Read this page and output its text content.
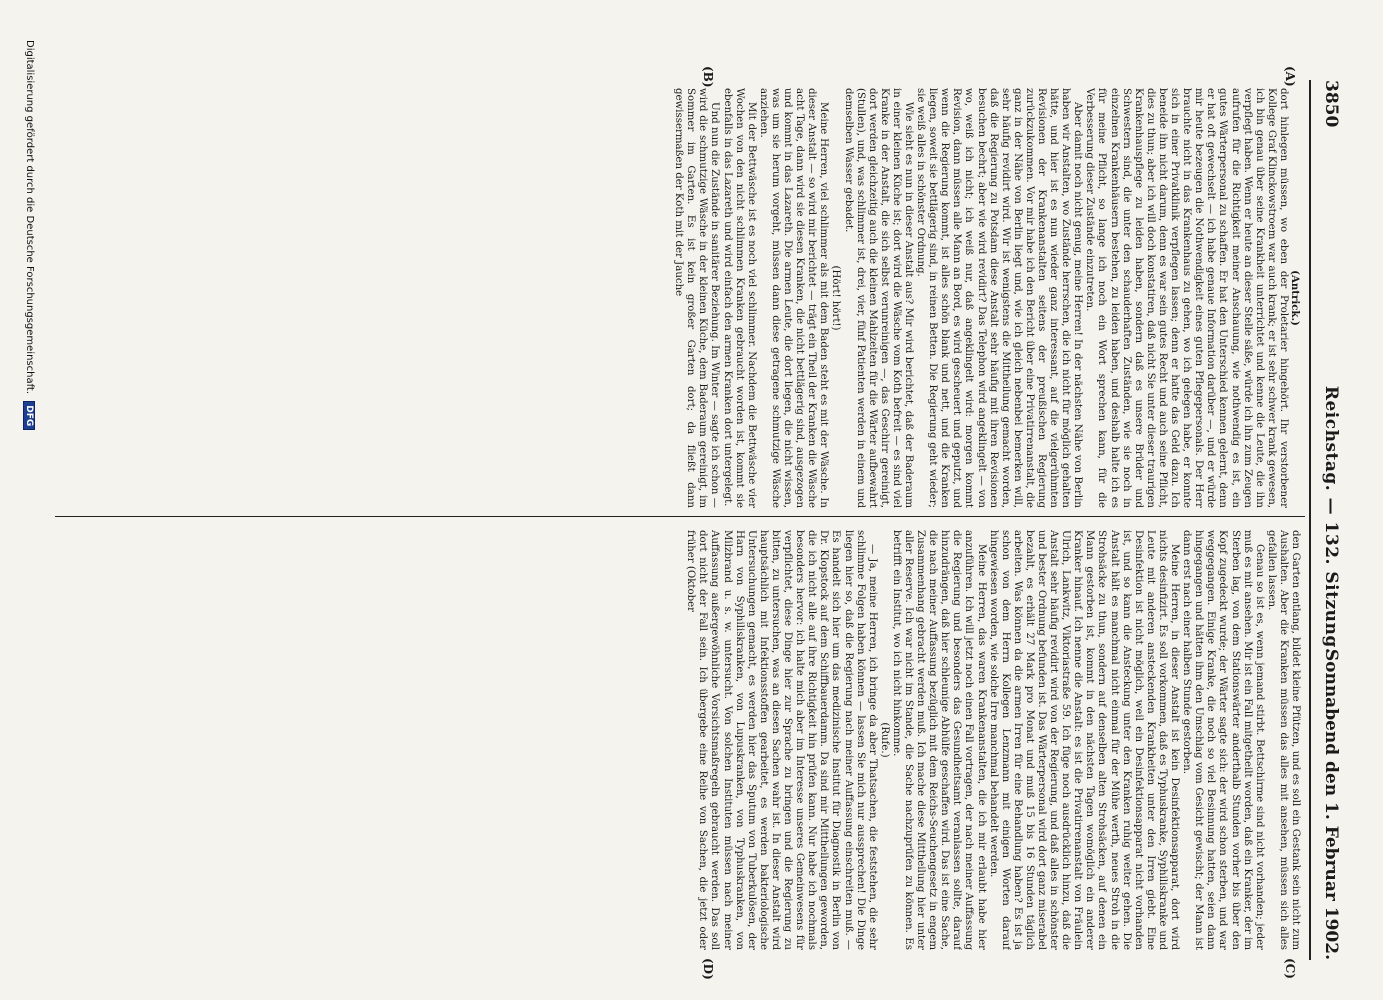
3850
Reichstag. — 132. Sitzung.
Sonnabend den 1. Februar 1902.
(A)
(B)
(C)
(D)

(Antrick.)

dort hinlegen müssen, wo eben der Proletarier hingehört. Ihr verstorbener Kollege Graf Klinckowstroem war auch krank; er ist sehr schwer krank gewesen, ich bin genau über seine Krankheit unterrichtet und kenne die Leute, die ihn verpflegt haben. Wenn er heute an dieser Stelle säße, würde ich ihn zum Zeugen aufrufen für die Richtigkeit meiner Anschauung, wie nothwendig es ist, ein gutes Wärterpersonal zu schaffen. Er hat den Unterschied kennen gelernt, denn er hat oft gewechselt — ich habe genaue Information darüber —, und er würde mir heute bezeugen die Nothwendigkeit eines guten Pflegepersonals. Der Herr brauchte nicht in das Krankenhaus zu gehen, wo ich gelegen habe, er konnte sich in einer Privatklinik verpflegen lassen; denn er hatte das Geld dazu. Ich beneide ihn nicht darum, denn es war sein gutes Recht und auch seine Pflicht, dies zu thun; aber ich will doch konstatiren, daß nicht Sie unter dieser traurigen Krankenhauspflege zu leiden haben, sondern daß es unsere Brüder und Schwestern sind, die unter den schauderhaften Zuständen, wie sie noch in einzelnen Krankenhäusern bestehen, zu leiden haben, und deshalb halte ich es für meine Pflicht, so lange ich noch ein Wort sprechen kann, für die Verbesserung dieser Zustände einzutreten.

Aber damit noch nicht genug, meine Herren! In der nächsten Nähe von Berlin haben wir Anstalten, wo Zustände herrschen, die ich nicht für möglich gehalten hätte, und hier ist es nun wieder ganz interessant, auf die vielgerühmten Revisionen der Krankenanstalten seitens der preußischen Regierung zurückzukommen. Vor mir habe ich den Bericht über eine Privatirrenanstalt, die ganz in der Nähe von Berlin liegt und, wie ich gleich nebenbei bemerken will, sehr häufig revidirt wird. Wir ist wenigstens die Mittheilung gemacht worden, daß die Regierung zu Potsdam diese Anstalt sehr häufig mit ihren Revisionen besuchen bechrt; aber wie wird revidirt? Das Telephon wird angeklingelt — von wo, weiß ich nicht; ich weiß nur, daß angeklingelt wird: morgen kommt Revision, dann müssen alle Mann an Bord, es wird gescheuert und geputzt, und wenn die Regierung kommt, ist alles schön blank und nett, und die Kranken liegen, soweit sie bettlägerig sind, in reinen Betten. Die Regierung geht wieder; sie weiß alles in schönster Ordnung.

Wie sieht es nun in dieser Anstalt aus? Mir wird berichtet, daß der Baderaum in einer kleinen Küche ist; dort wird die Wäsche vom Koth befreit — es sind viel Kranke in der Anstalt, die sich selbst verunreinigen —, das Geschirr gereinigt, dort werden gleichzeitig auch die kleinen Mahlzeiten für die Wärter aufbewahrt (Stullen), und, was schlimmer ist, drei, vier, fünf Patienten werden in einem und demselben Wasser gebadet.

(Hört! hört!)

Meine Herren, viel schlimmer als mit dem Baden steht es mit der Wäsche. In dieser Anstalt — so wird mir berichtet — trägt ein Theil der Kranken die Wäsche acht Tage, dann wird sie diesen Kranken, die nicht bettlägerig sind, ausgezogen und kommt in das Lazareth. Die armen Leute, die dort liegen, die nicht wissen, was um sie herum vorgeht, müssen dann diese getragene schmutzige Wäsche anziehen.

Mit der Bettwäsche ist es noch viel schlimmer. Nachdem die Bettwäsche vier Wochen von den nicht schlimmen Kranken gebraucht worden ist, kommt sie ebenfalls in das Lazareth und wird einfach den armen Kranken dort untergelegt.

Und nun die Zustände in sanitärer Beziehung. Im Winter — sagte ich schon — wird die schmutzige Wäsche in der kleinen Küche, dem Baderaum gereinigt, im Sommer im Garten. Es ist kein großer Garten dort; da fließt dann gewissermaßen der Koth mit der Jauche

den Garten entlang, bildet kleine Pfützen, und es soll ein Gestank sein nicht zum Aushalten. Aber die Kranken müssen das alles mit ansehen, müssen sich alles gefallen lassen.

Genau so ist es, wenn jemand stirbt. Bettschirme sind nicht vorhanden; jeder muß es mit ansehen. Mir ist ein Fall mitgetheilt worden, daß ein Kranker, der im Sterben lag, von dem Stationswärter anderthalb Stunden vorher bis über den Kopf zugedeckt wurde; der Wärter sagte sich: der wird schon sterben, und war weggegangen. Einige Kranke, die noch so viel Besinnung hatten, seien dann hingegangen und hätten ihm den Umschlag vom Gesicht gewischt; der Mann ist dann erst nach einer halben Stunde gestorben.

Meine Herren, in dieser Anstalt ist kein Desinfektionsapparat, dort wird nichts desinfizirt. Es soll vorkommen, daß es Typhuskranke, Syphiliskranke und Leute mit anderen ansteckenden Krankheiten unter den Irren giebt. Eine Desinfektion ist nicht möglich, weil ein Desinfektionsapparat nicht vorhanden ist, und so kann die Ansteckung unter den Kranken ruhig weiter gehen. Die Anstalt hält es manchmal nicht einmal für der Mühe werth, neues Stroh in die Strohsäcke zu thun, sondern auf denselben alten Strohsäcken, auf denen ein Mann gestorben ist, kommt in den nächsten Tagen womöglich ein anderer Kranker hinauf. Ich nenne die Anstalt: es ist die Privatirrenanstalt von Fräulein Ulrich, Lankwitz, Viktoriastraße 59. Ich füge noch ausdrücklich hinzu, daß die Anstalt sehr häufig revidirt wird von der Regierung, und daß alles in schönster und bester Ordnung befunden ist. Das Wärterpersonal wird dort ganz miserabel bezahlt, es erhält 27 Mark pro Monat und muß 15 bis 16 Stunden täglich arbeiten. Was können da die armen Irren für eine Behandlung haben? Es ist ja schon von dem Herrn Kollegen Lenzmann mit einigen Worten darauf hingewiesen worden, wie solche Irre manchmal behandelt werden.

Meine Herren, das waren Krankenanstalten, die ich mir erlaubt habe hier anzuführen. Ich will jetzt noch einen Fall vortragen, der nach meiner Auffassung die Regierung und besonders das Gesundheitsamt veranlassen sollte, darauf hinzudrängen, daß hier schleunige Abhülfe geschaffen wird. Das ist eine Sache, die nach meiner Auffassung bezüglich mit dem Reichs-Seuchengesetz in engem Zusammenhang gebracht werden muß. Ich mache diese Mittheilung hier unter aller Reserve. Ich war nicht im Stande, die Sache nachzuprüfen zu können. Es betrifft ein Institut, wo ich nicht hinkomme.

(Rufe.)

— Ja, meine Herren, ich bringe da aber Thatsachen, die feststehen, die sehr schlimme Folgen haben können — lassen Sie mich nur aussprechen! Die Dinge liegen hier so, daß die Regierung nach meiner Auffassung einschreiten muß. — Es handelt sich hier um das medizinische Institut für Diagnostik in Berlin von Dr. Klopstock auf dem Schiffbauerdamm. Da sind mir Mittheilungen geworden, die ich nicht alle auf ihre Richtigkeit hin prüfen kann. Nur habe ich nochmals besonders hervor: ich halte mich aber im Interesse unseres Gemeinwesens für verpflichtet, diese Dinge hier zur Sprache zu bringen und die Regierung zu bitten, zu untersuchen, was an diesen Sachen wahr ist. In dieser Anstalt wird hauptsächlich mit Infektionsstoffen gearbeitet, es werden bakteriologische Untersuchungen gemacht, es werden hier das Sputum von Tuberkulösen, der Harn von Syphiliskranken, von Lupuskranken, von Typhuskranken, von Milzbrand u. s. w. untersucht. Von solchen Instituten müssen nach meiner Auffassung außergewöhnliche Vorsichtsmaßregeln gebraucht werden. Das soll dort nicht der Fall sein. Ich übergebe eine Reihe von Sachen, die jetzt oder früher (Oktober

Digitalisierung gefördert durch die Deutsche Forschungsgemeinschaft. DFG
